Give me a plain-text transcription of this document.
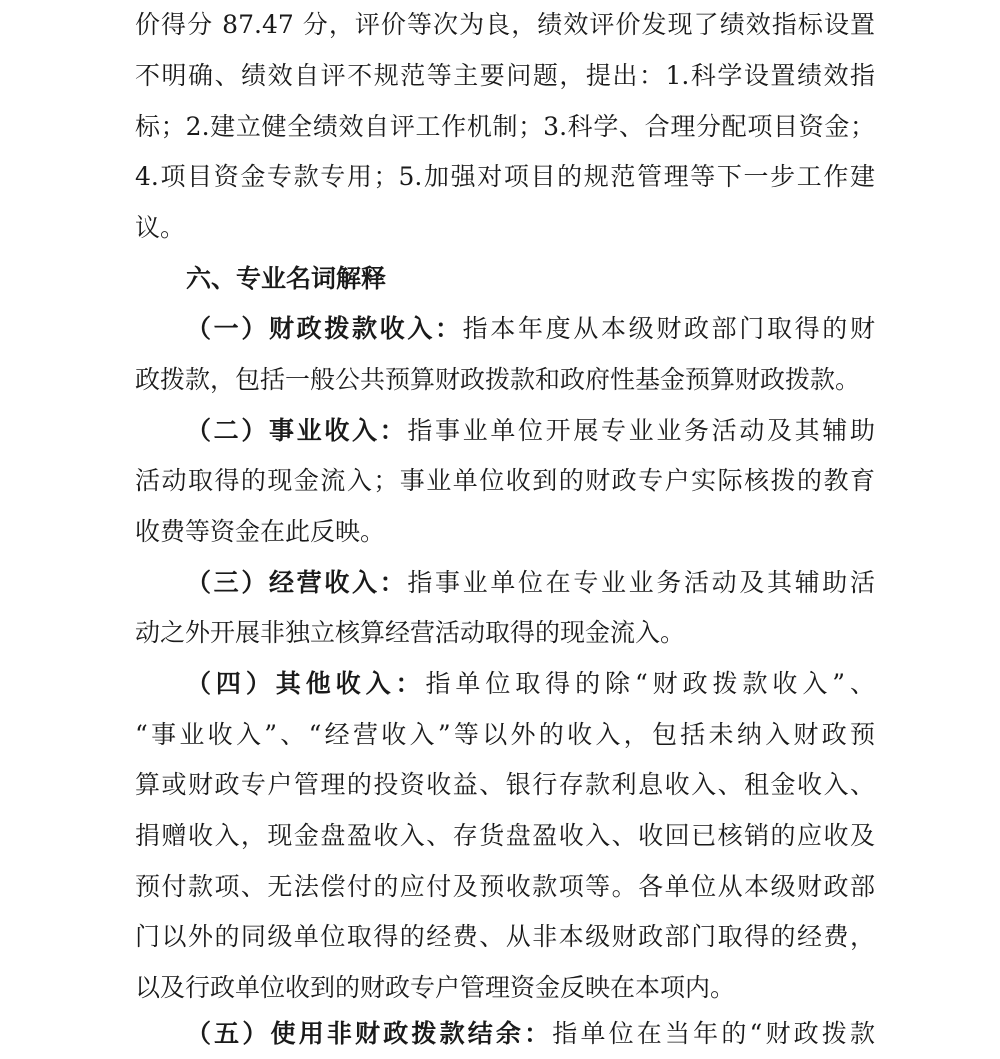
价得分 87.47 分，评价等次为良，绩效评价发现了绩效指标设置
不明确、绩效自评不规范等主要问题，提出：1.科学设置绩效指
标；2.建立健全绩效自评工作机制；3.科学、合理分配项目资金；
4.项目资金专款专用；5.加强对项目的规范管理等下一步工作建
议。
六、专业名词解释
（一）财政拨款收入：指本年度从本级财政部门取得的财
政拨款，包括一般公共预算财政拨款和政府性基金预算财政拨款。
（二）事业收入：指事业单位开展专业业务活动及其辅助
活动取得的现金流入；事业单位收到的财政专户实际核拨的教育
收费等资金在此反映。
（三）经营收入：指事业单位在专业业务活动及其辅助活
动之外开展非独立核算经营活动取得的现金流入。
（四）其他收入：指单位取得的除“财政拨款收入”、
“事业收入”、“经营收入”等以外的收入，包括未纳入财政预
算或财政专户管理的投资收益、银行存款利息收入、租金收入、
捐赠收入，现金盘盈收入、存货盘盈收入、收回已核销的应收及
预付款项、无法偿付的应付及预收款项等。各单位从本级财政部
门以外的同级单位取得的经费、从非本级财政部门取得的经费，
以及行政单位收到的财政专户管理资金反映在本项内。
（五）使用非财政拨款结余：指单位在当年的“财政拨款
